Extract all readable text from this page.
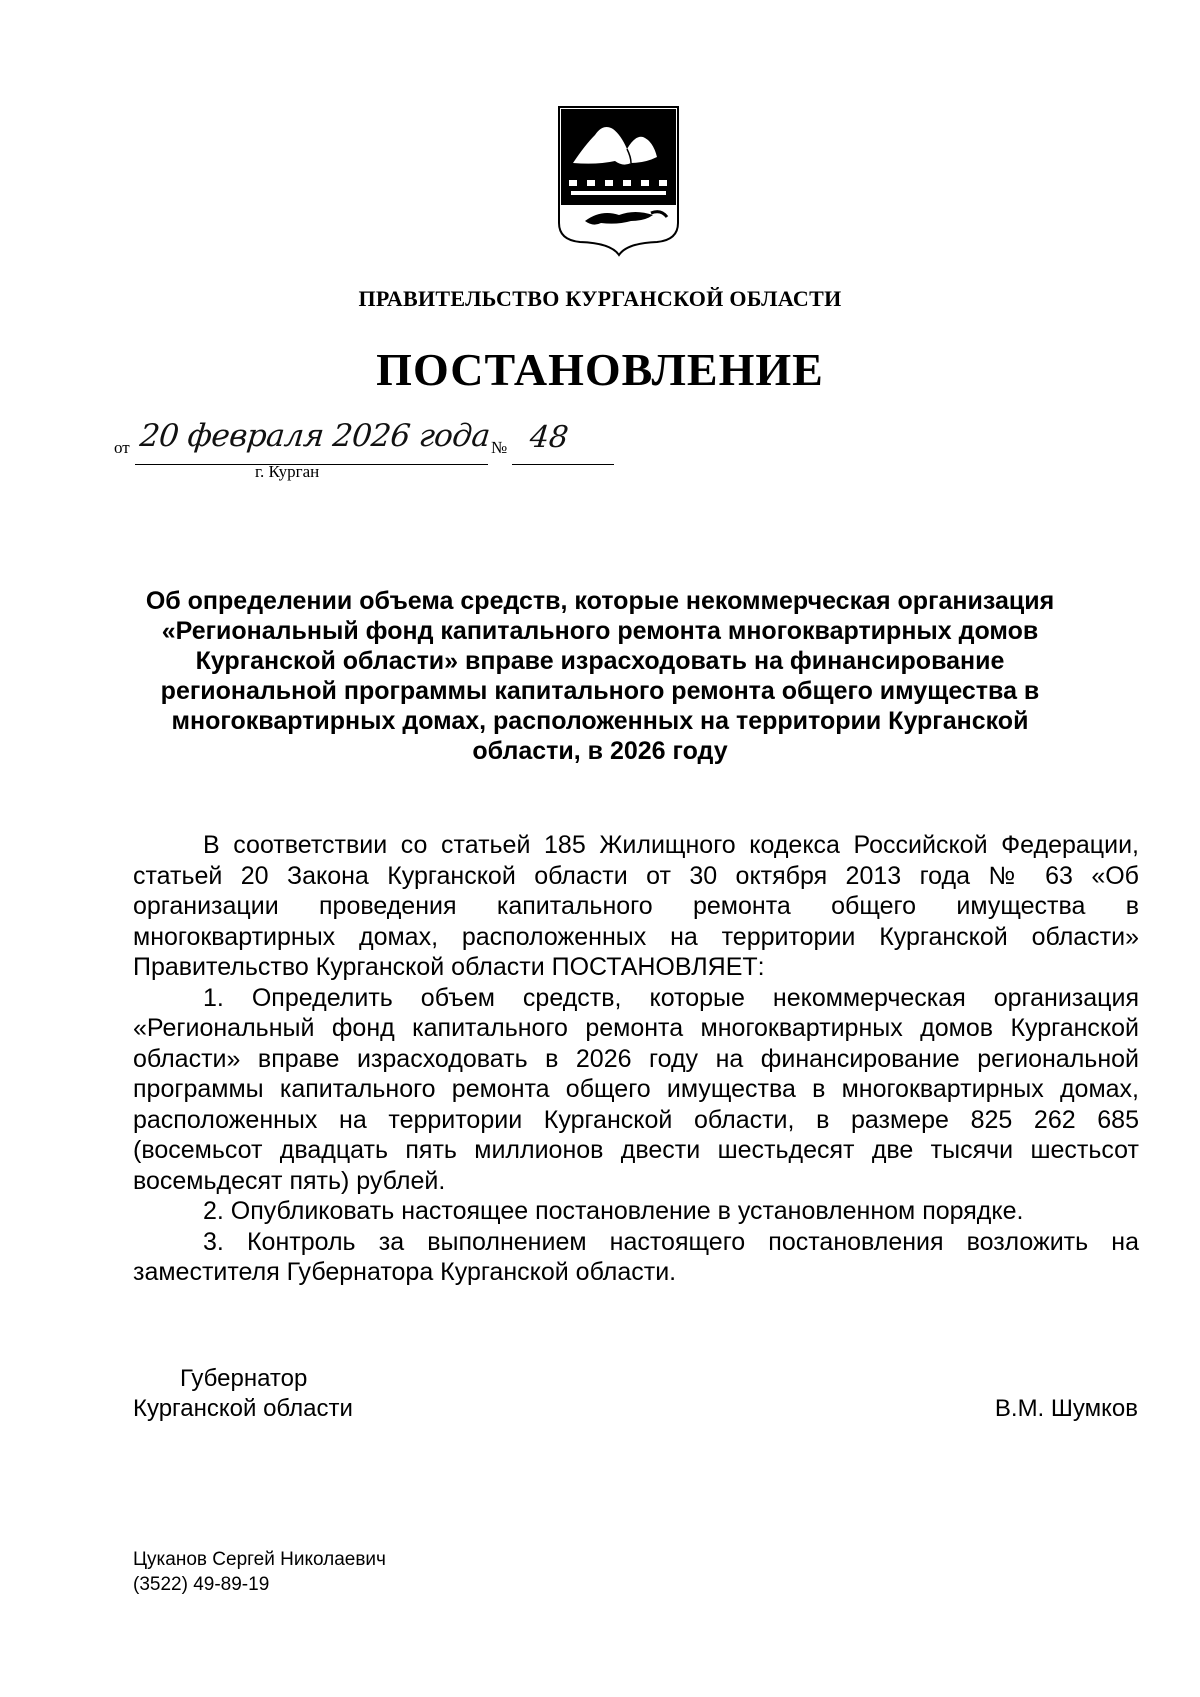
ПРАВИТЕЛЬСТВО КУРГАНСКОЙ ОБЛАСТИ
ПОСТАНОВЛЕНИЕ
от 20 февраля 2026 года № 48
г. Курган
Об определении объема средств, которые некоммерческая организация «Региональный фонд капитального ремонта многоквартирных домов Курганской области» вправе израсходовать на финансирование региональной программы капитального ремонта общего имущества в многоквартирных домах, расположенных на территории Курганской области, в 2026 году

В соответствии со статьей 185 Жилищного кодекса Российской Федерации, статьей 20 Закона Курганской области от 30 октября 2013 года № 63 «Об организации проведения капитального ремонта общего имущества в многоквартирных домах, расположенных на территории Курганской области» Правительство Курганской области ПОСТАНОВЛЯЕТ:

1. Определить объем средств, которые некоммерческая организация «Региональный фонд капитального ремонта многоквартирных домов Курганской области» вправе израсходовать в 2026 году на финансирование региональной программы капитального ремонта общего имущества в многоквартирных домах, расположенных на территории Курганской области, в размере 825 262 685 (восемьсот двадцать пять миллионов двести шестьдесят две тысячи шестьсот восемьдесят пять) рублей.

2. Опубликовать настоящее постановление в установленном порядке.

3. Контроль за выполнением настоящего постановления возложить на заместителя Губернатора Курганской области.

Губернатор
Курганской области	В.М. Шумков
Цуканов Сергей Николаевич
(3522) 49-89-19
